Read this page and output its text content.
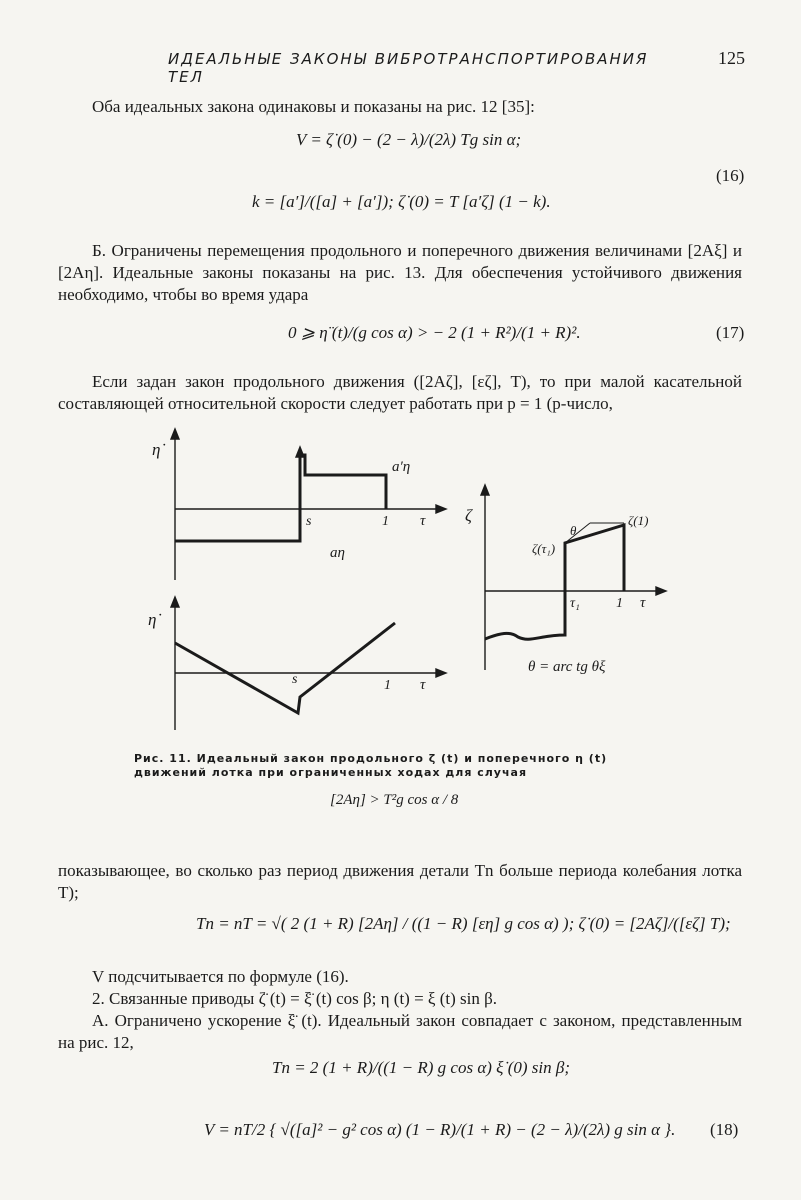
ИДЕАЛЬНЫЕ ЗАКОНЫ ВИБРОТРАНСПОРТИРОВАНИЯ ТЕЛ
125
Оба идеальных закона одинаковы и показаны на рис. 12 [35]:
V = ζ̇ (0) − (2 − λ)/(2λ) Tg sin α;
k = [a′]/([a] + [a′]); ζ̇ (0) = T [a′ζ] (1 − k).
(16)
Б. Ограничены перемещения продольного и поперечного движения величинами [2Aξ] и [2Aη]. Идеальные законы показаны на рис. 13. Для обеспечения устойчивого движения необходимо, чтобы во время удара
0 ⩾ η̈ (t)/(g cos α) > − 2 (1 + R²)/(1 + R)².	(17)
Если задан закон продольного движения ([2Aζ], [εζ], T), то при малой касательной составляющей относительной скорости следует работать при p = 1 (p-число,
η̇
s	1 τ
a′η
aη
η̇
s	1 τ
ζ
ζ(τ₁)
ζ(1)
θ
τ₁	1 τ
θ = arc tg θξ
Рис. 11. Идеальный закон продольного ζ (t) и поперечного η (t) движений лотка при ограниченных ходах для случая
[2Aη] > T²g cos α / 8
показывающее, во сколько раз период движения детали Tn больше периода колебания лотка T);
Tn = nT = √( 2 (1 + R) [2Aη] / ((1 − R) [εη] g cos α) ); ζ̇ (0) = [2Aζ]/([εζ] T);
V подсчитывается по формуле (16).
2. Связанные приводы ζ̈ (t) = ξ̈ (t) cos β; η (t) = ξ (t) sin β.
А. Ограничено ускорение ξ̈ (t). Идеальный закон совпадает с законом, представленным на рис. 12,
Tn = 2 (1 + R)/((1 − R) g cos α) ξ̇ (0) sin β;
V = nT/2 { √([a]² − g² cos α) (1 − R)/(1 + R) − (2 − λ)/(2λ) g sin α }. (18)
